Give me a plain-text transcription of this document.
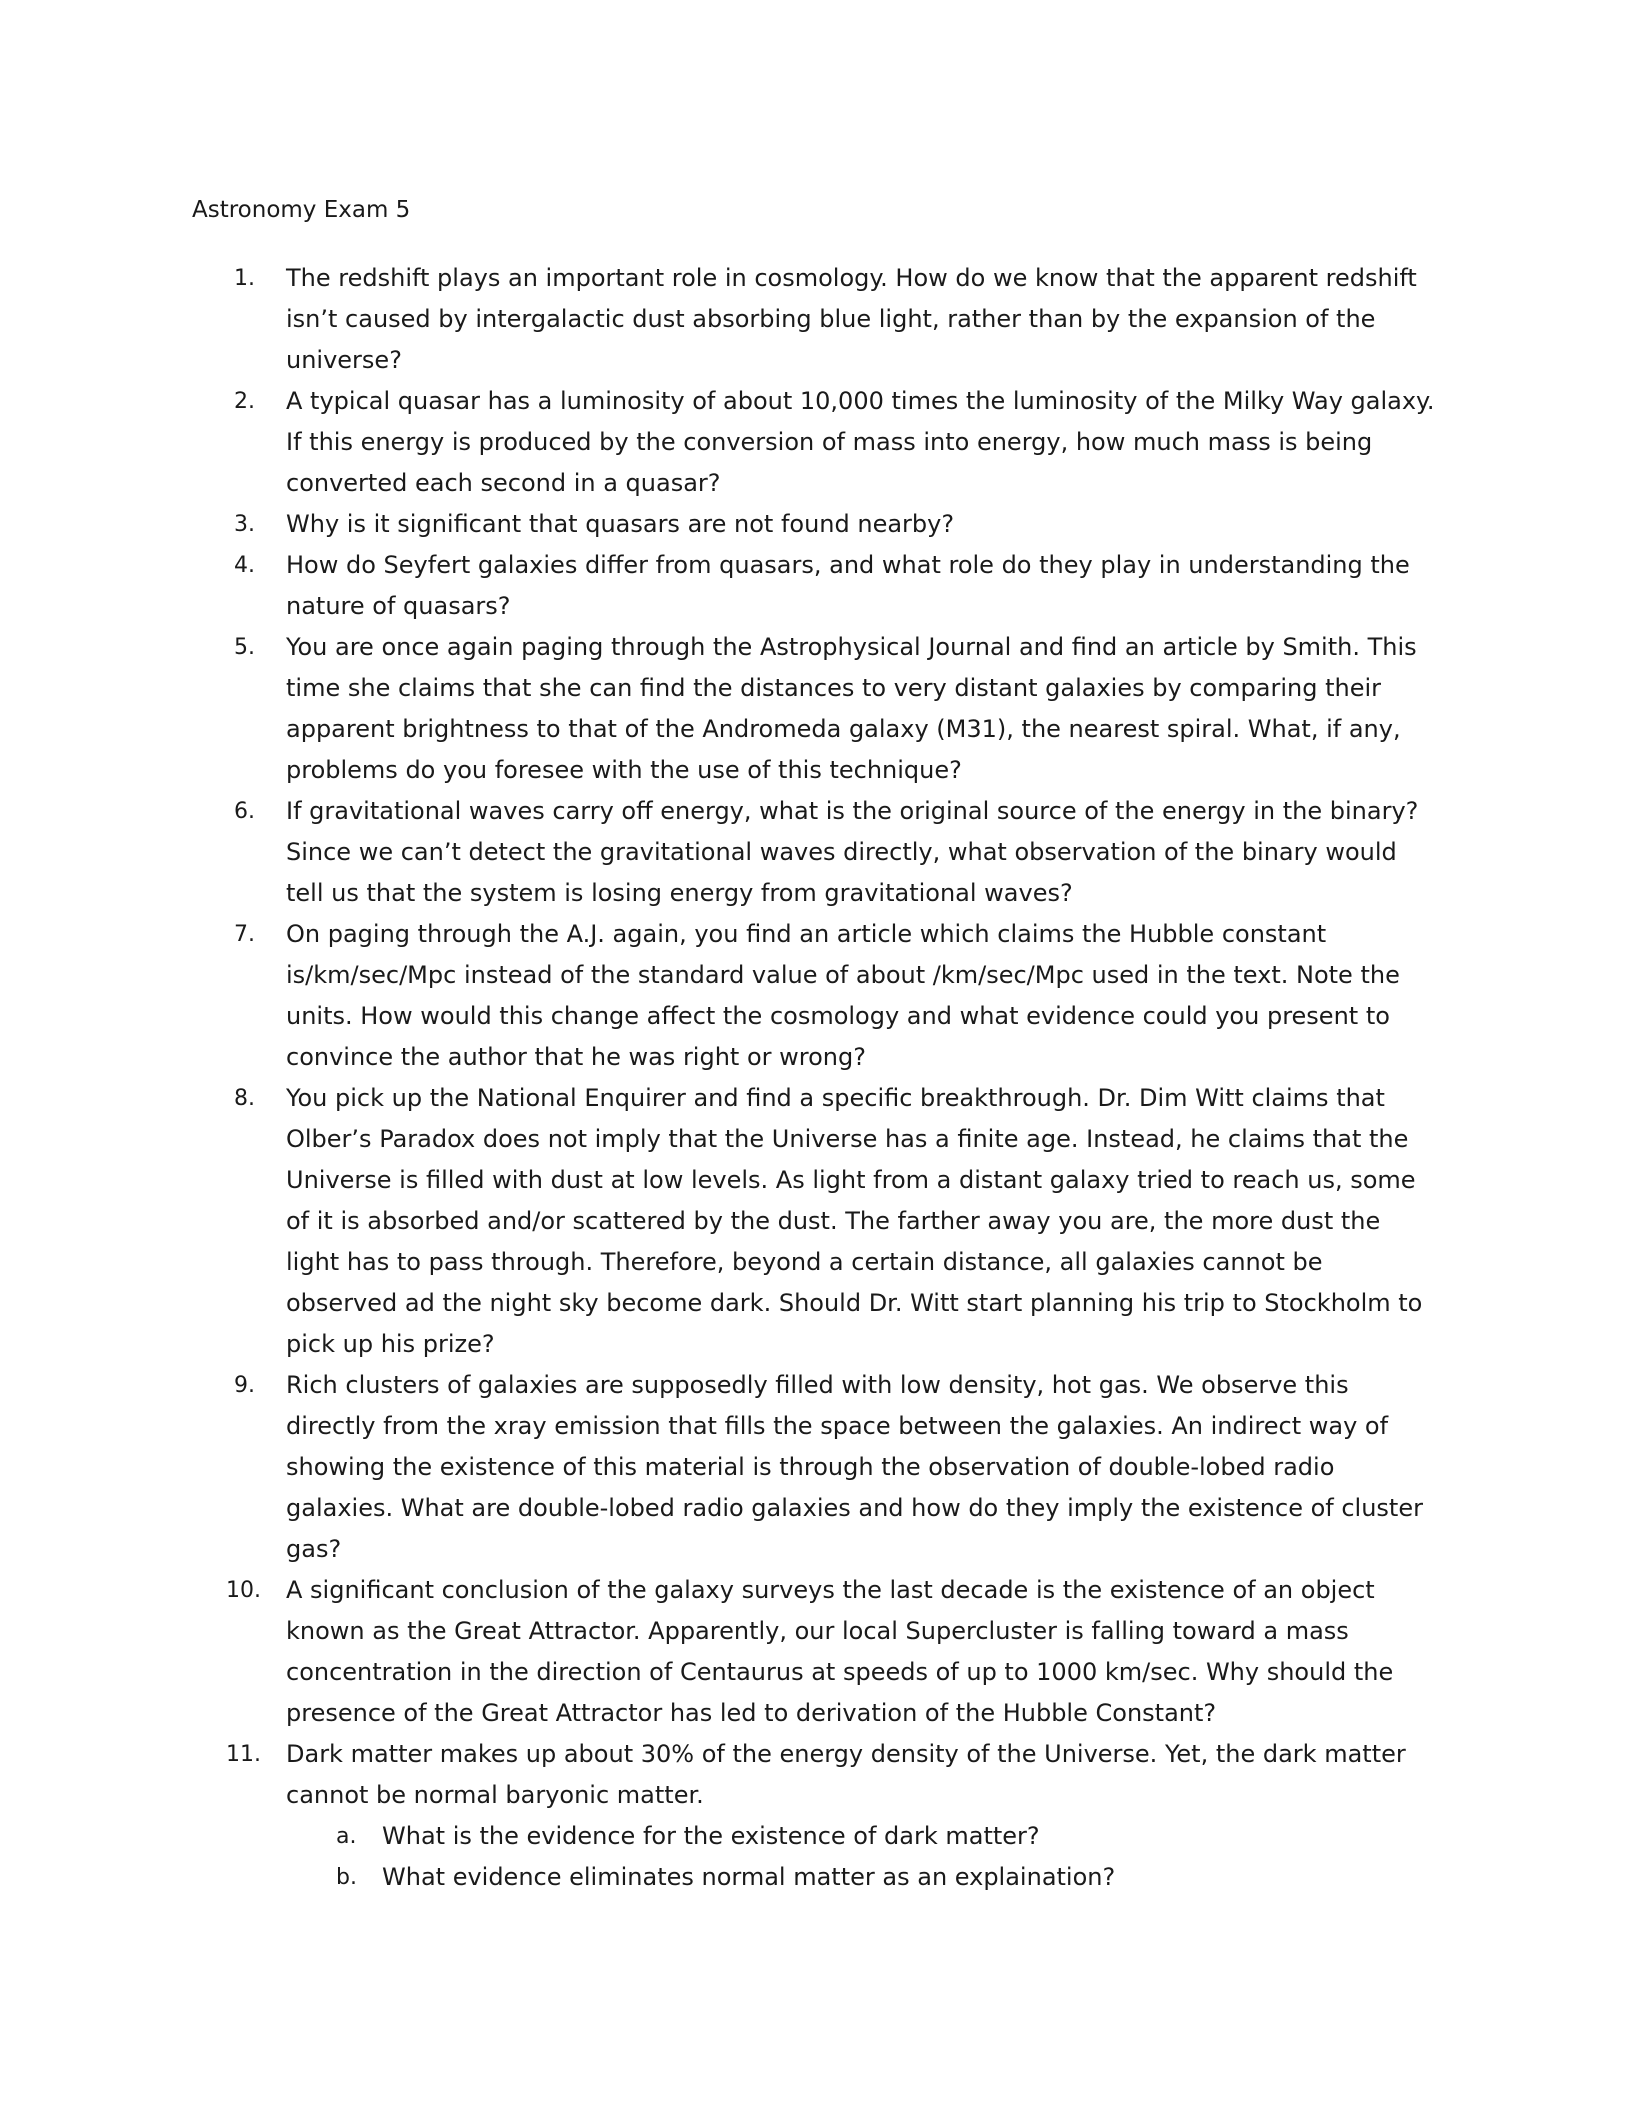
Astronomy Exam 5
1.	The redshift plays an important role in cosmology. How do we know that the apparent redshift isn’t caused by intergalactic dust absorbing blue light, rather than by the expansion of the universe?
2.	A typical quasar has a luminosity of about 10,000 times the luminosity of the Milky Way galaxy. If this energy is produced by the conversion of mass into energy, how much mass is being converted each second in a quasar?
3.	Why is it significant that quasars are not found nearby?
4.	How do Seyfert galaxies differ from quasars, and what role do they play in understanding the nature of quasars?
5.	You are once again paging through the Astrophysical Journal and find an article by Smith. This time she claims that she can find the distances to very distant galaxies by comparing their apparent brightness to that of the Andromeda galaxy (M31), the nearest spiral. What, if any, problems do you foresee with the use of this technique?
6.	If gravitational waves carry off energy, what is the original source of the energy in the binary? Since we can’t detect the gravitational waves directly, what observation of the binary would tell us that the system is losing energy from gravitational waves?
7.	On paging through the A.J. again, you find an article which claims the Hubble constant is/km/sec/Mpc instead of the standard value of about /km/sec/Mpc used in the text. Note the units. How would this change affect the cosmology and what evidence could you present to convince the author that he was right or wrong?
8.	You pick up the National Enquirer and find a specific breakthrough. Dr. Dim Witt claims that Olber’s Paradox does not imply that the Universe has a finite age. Instead, he claims that the Universe is filled with dust at low levels. As light from a distant galaxy tried to reach us, some of it is absorbed and/or scattered by the dust. The farther away you are, the more dust the light has to pass through. Therefore, beyond a certain distance, all galaxies cannot be observed ad the night sky become dark. Should Dr. Witt start planning his trip to Stockholm to pick up his prize?
9.	Rich clusters of galaxies are supposedly filled with low density, hot gas. We observe this directly from the xray emission that fills the space between the galaxies. An indirect way of showing the existence of this material is through the observation of double-lobed radio galaxies. What are double-lobed radio galaxies and how do they imply the existence of cluster gas?
10. A significant conclusion of the galaxy surveys the last decade is the existence of an object known as the Great Attractor. Apparently, our local Supercluster is falling toward a mass concentration in the direction of Centaurus at speeds of up to 1000 km/sec. Why should the presence of the Great Attractor has led to derivation of the Hubble Constant?
11. Dark matter makes up about 30% of the energy density of the Universe. Yet, the dark matter cannot be normal baryonic matter.
a. What is the evidence for the existence of dark matter?
b. What evidence eliminates normal matter as an explaination?
